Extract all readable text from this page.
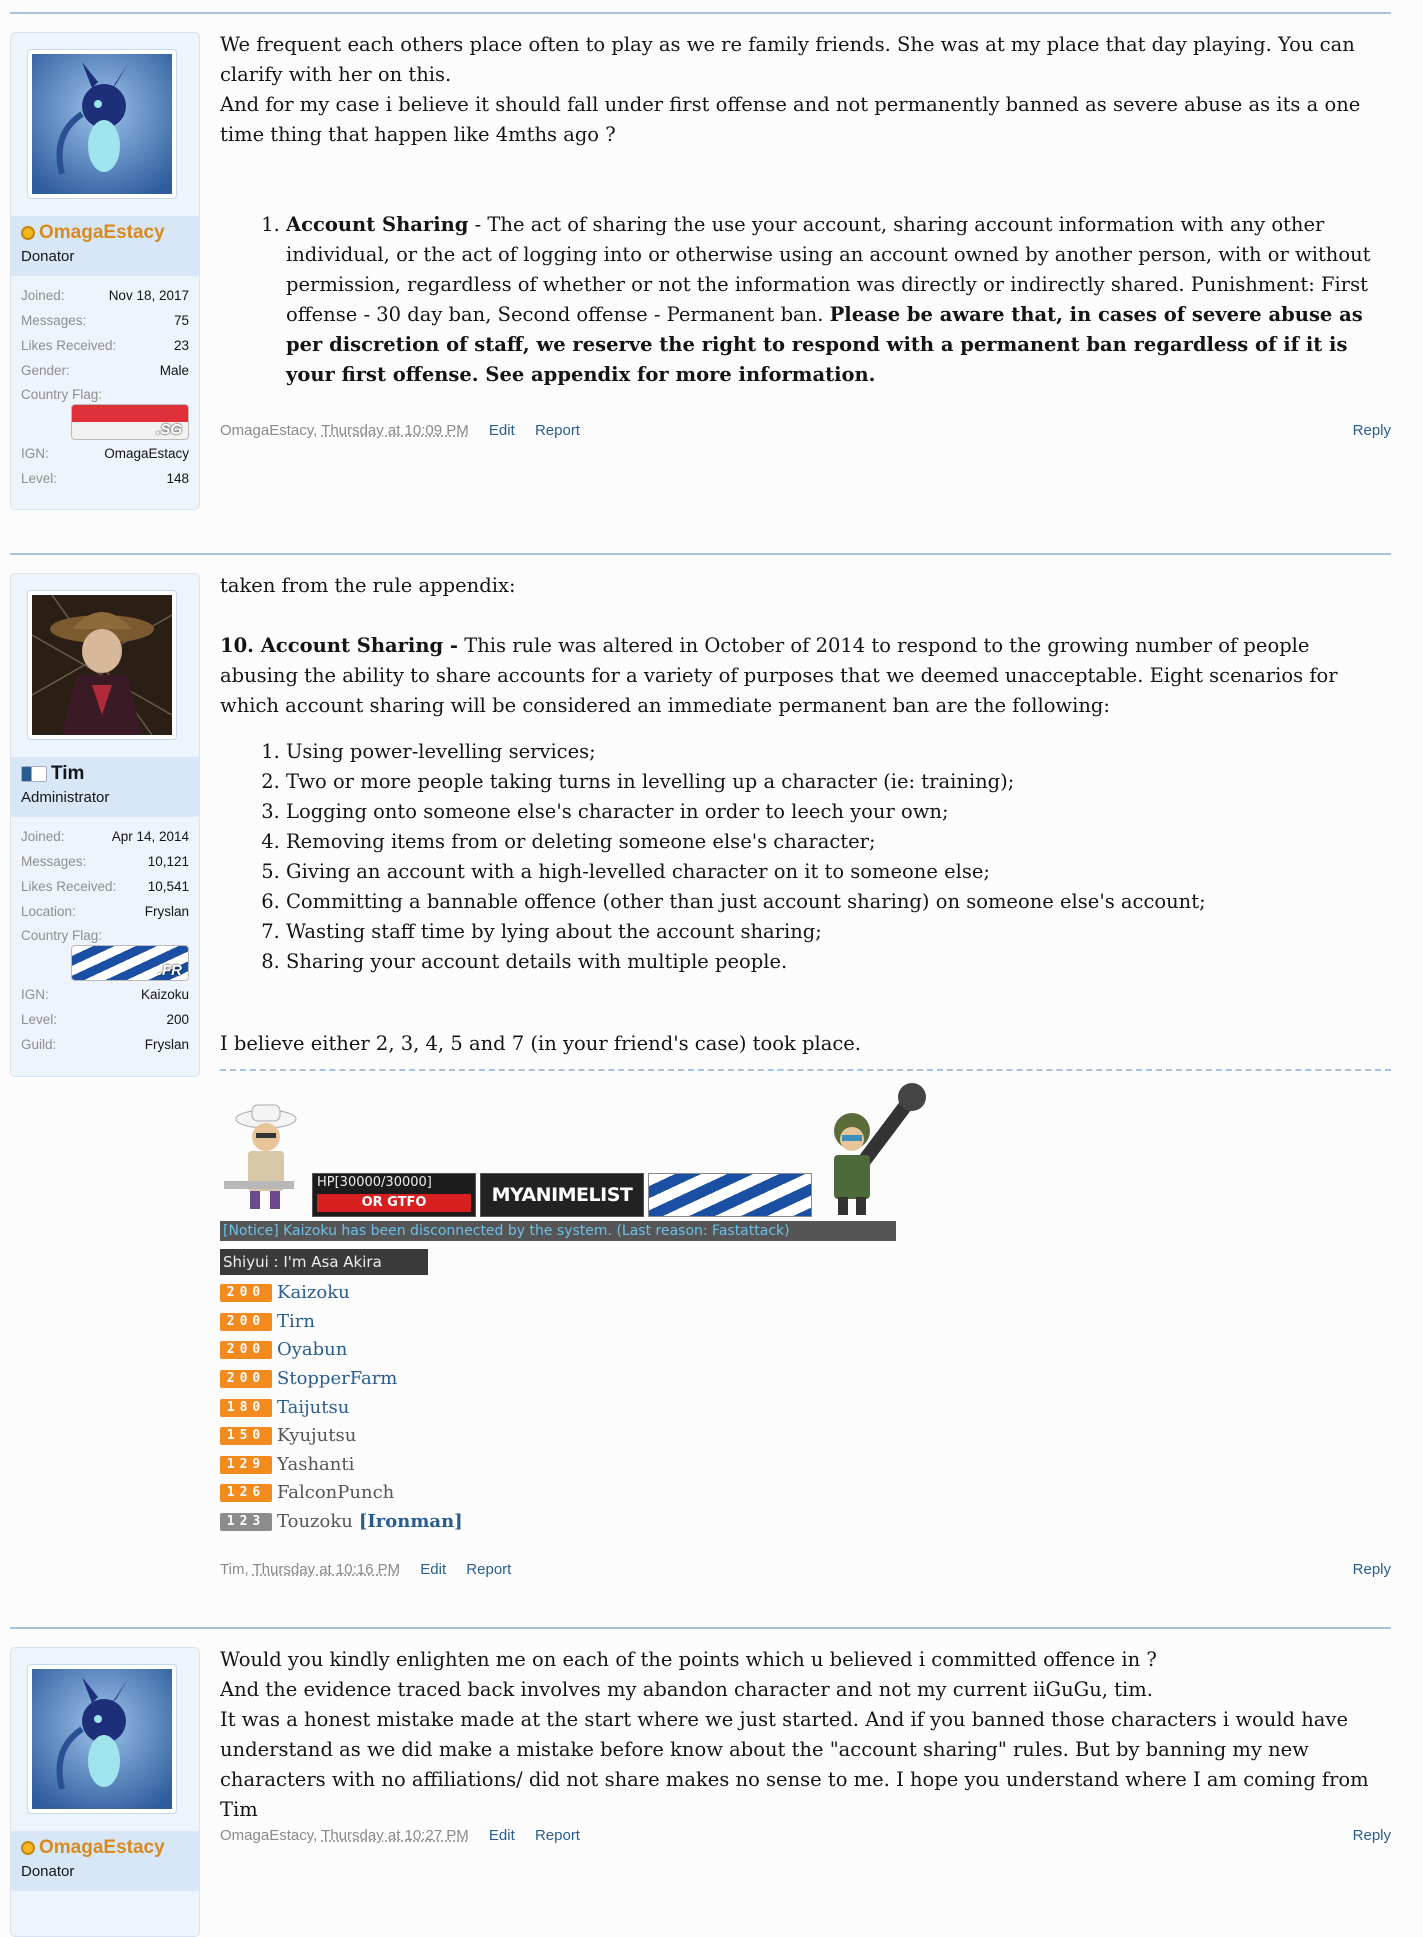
OmagaEstacy
Donator
Joined:	Nov 18, 2017
Messages:	75
Likes Received:	23
Gender:	Male
Country Flag:
.SG
IGN:	OmagaEstacy
Level:	148

We frequent each others place often to play as we re family friends. She was at my place that day playing. You can clarify with her on this.

And for my case i believe it should fall under first offense and not permanently banned as severe abuse as its a one time thing that happen like 4mths ago ?

1. Account Sharing - The act of sharing the use your account, sharing account information with any other individual, or the act of logging into or otherwise using an account owned by another person, with or without permission, regardless of whether or not the information was directly or indirectly shared. Punishment: First offense - 30 day ban, Second offense - Permanent ban. Please be aware that, in cases of severe abuse as per discretion of staff, we reserve the right to respond with a permanent ban regardless of if it is your first offense. See appendix for more information.
OmagaEstacy, Thursday at 10:09 PM Edit Report	Reply
Tim
Administrator
Joined:	Apr 14, 2014
Messages:	10,121
Likes Received: 10,541
Location:	Fryslan
Country Flag:
.FR
IGN:	Kaizoku
Level:	200
Guild:	Fryslan

taken from the rule appendix:

10. Account Sharing - This rule was altered in October of 2014 to respond to the growing number of people abusing the ability to share accounts for a variety of purposes that we deemed unacceptable. Eight scenarios for which account sharing will be considered an immediate permanent ban are the following:

1. Using power-levelling services;
2. Two or more people taking turns in levelling up a character (ie: training);
3. Logging onto someone else's character in order to leech your own;
4. Removing items from or deleting someone else's character;
5. Giving an account with a high-levelled character on it to someone else;
6. Committing a bannable offence (other than just account sharing) on someone else's account;
7. Wasting staff time by lying about the account sharing;
8. Sharing your account details with multiple people.

I believe either 2, 3, 4, 5 and 7 (in your friend's case) took place.

HP[30000/30000]
OR GTFO	MYANIMELIST
[Notice] Kaizoku has been disconnected by the system. (Last reason: Fastattack)
Shiyui : I'm Asa Akira
200 Kaizoku
200 Tirn
200 Oyabun
200 StopperFarm
180 Taijutsu
150 Kyujutsu
129 Yashanti
126 FalconPunch
123 Touzoku [Ironman]
Tim, Thursday at 10:16 PM Edit Report	Reply
OmagaEstacy
Donator

Would you kindly enlighten me on each of the points which u believed i committed offence in ?

And the evidence traced back involves my abandon character and not my current iiGuGu, tim.

It was a honest mistake made at the start where we just started. And if you banned those characters i would have understand as we did make a mistake before know about the "account sharing" rules. But by banning my new characters with no affiliations/ did not share makes no sense to me. I hope you understand where I am coming from Tim

OmagaEstacy, Thursday at 10:27 PM Edit Report	Reply
